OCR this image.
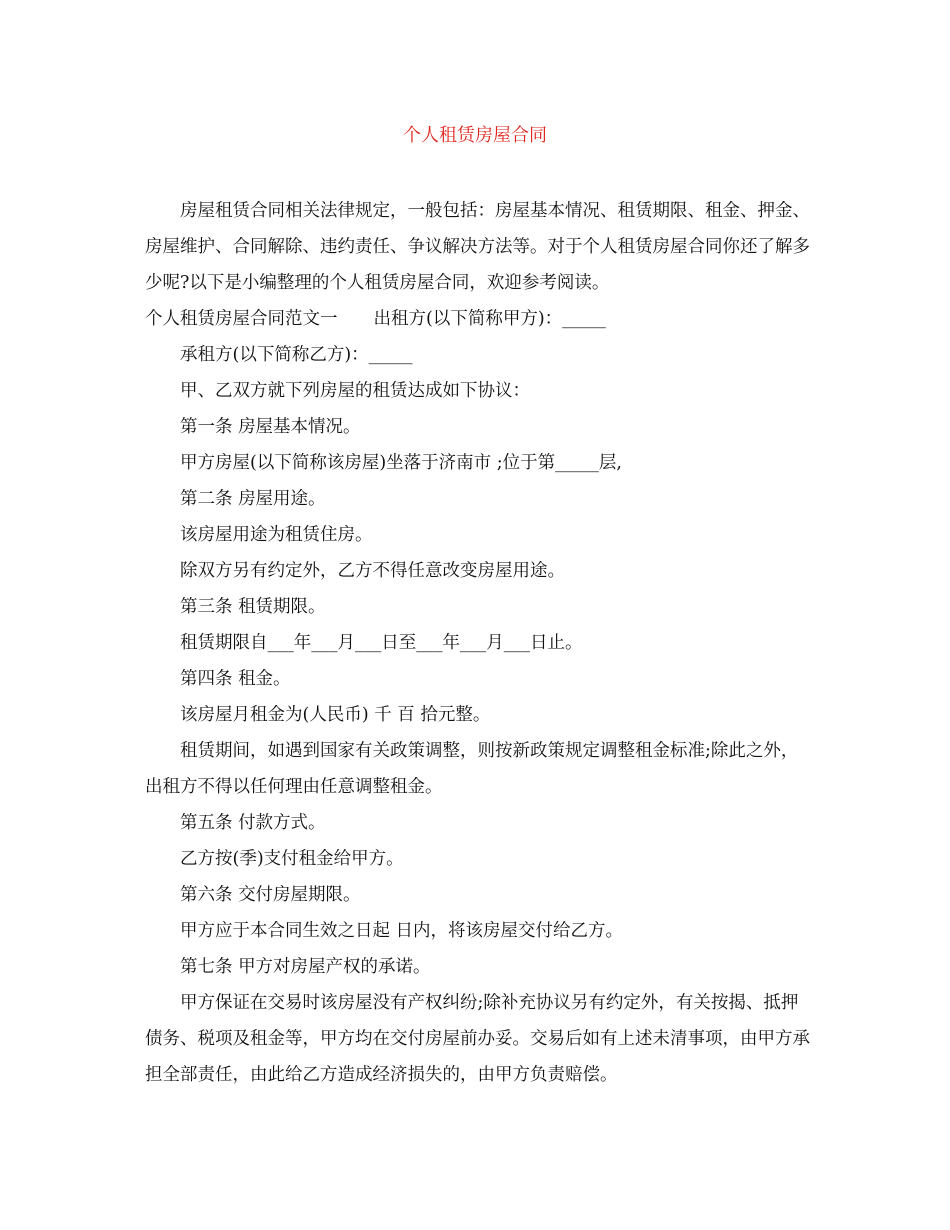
个人租赁房屋合同

房屋租赁合同相关法律规定，一般包括：房屋基本情况、租赁期限、租金、押金、房屋维护、合同解除、违约责任、争议解决方法等。对于个人租赁房屋合同你还了解多少呢?以下是小编整理的个人租赁房屋合同，欢迎参考阅读。

个人租赁房屋合同范文一 出租方(以下简称甲方)：_____

承租方(以下简称乙方)：_____

甲、乙双方就下列房屋的租赁达成如下协议：

第一条 房屋基本情况。

甲方房屋(以下简称该房屋)坐落于济南市 ;位于第_____层,

第二条 房屋用途。

该房屋用途为租赁住房。

除双方另有约定外，乙方不得任意改变房屋用途。

第三条 租赁期限。

租赁期限自___年___月___日至___年___月___日止。

第四条 租金。

该房屋月租金为(人民币) 千 百 拾元整。

租赁期间，如遇到国家有关政策调整，则按新政策规定调整租金标准;除此之外，出租方不得以任何理由任意调整租金。

第五条 付款方式。

乙方按(季)支付租金给甲方。

第六条 交付房屋期限。

甲方应于本合同生效之日起 日内，将该房屋交付给乙方。

第七条 甲方对房屋产权的承诺。

甲方保证在交易时该房屋没有产权纠纷;除补充协议另有约定外，有关按揭、抵押债务、税项及租金等，甲方均在交付房屋前办妥。交易后如有上述未清事项，由甲方承担全部责任，由此给乙方造成经济损失的，由甲方负责赔偿。
